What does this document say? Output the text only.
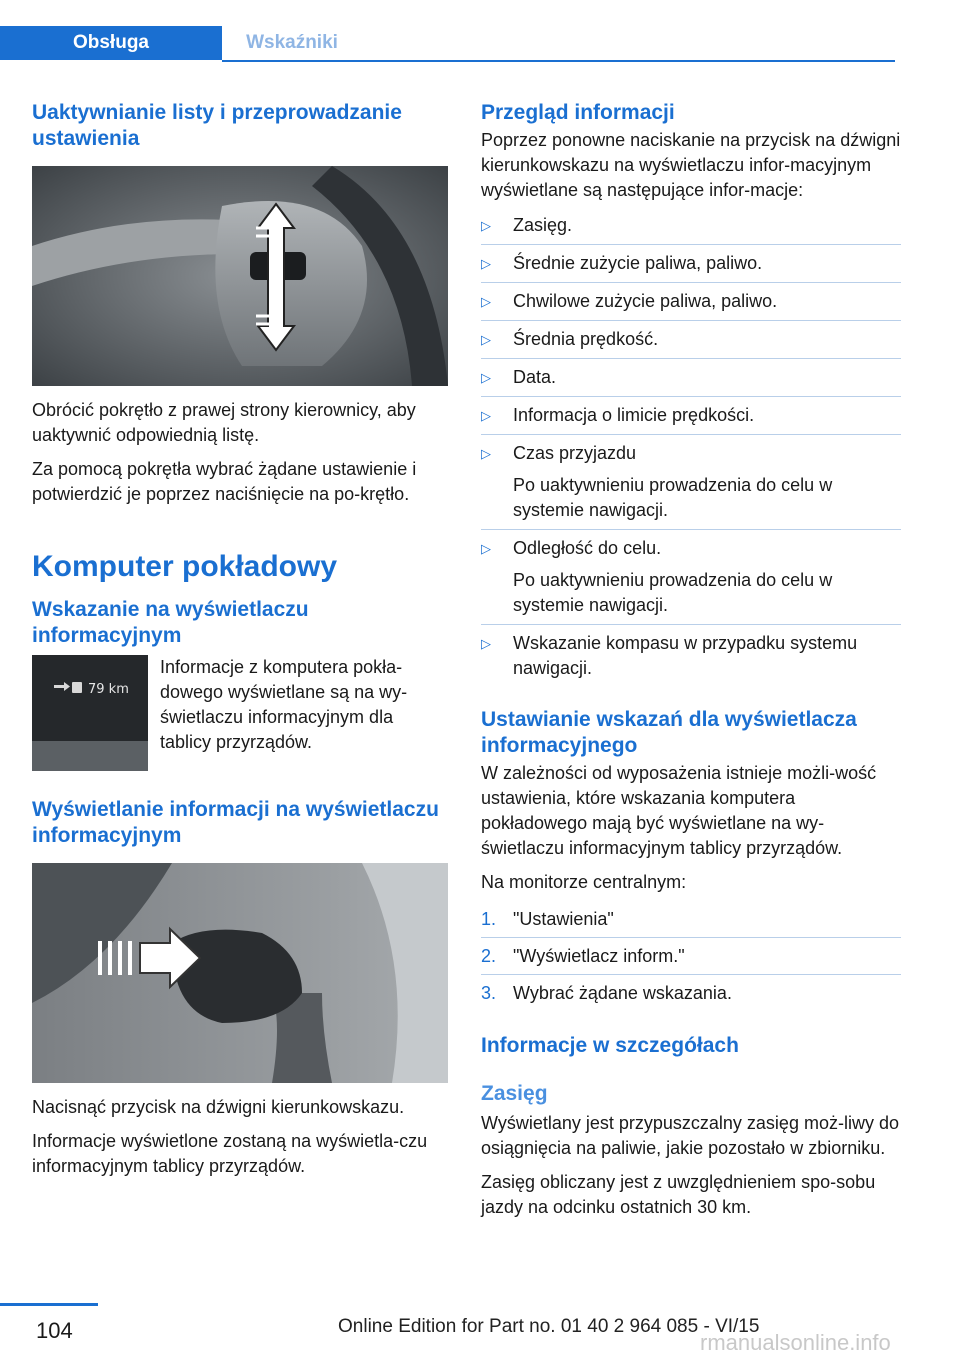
Obsługa	Wskaźniki
Uaktywnianie listy i przeprowadzanie ustawienia

Obrócić pokrętło z prawej strony kierownicy, aby uaktywnić odpowiednią listę.

Za pomocą pokrętła wybrać żądane ustawienie i potwierdzić je poprzez naciśnięcie na po-krętło.

Komputer pokładowy
Wskazanie na wyświetlaczu informacyjnym
79 km

Informacje z komputera pokła-dowego wyświetlane są na wy-świetlaczu informacyjnym dla tablicy przyrządów.

Wyświetlanie informacji na wyświetlaczu informacyjnym

Nacisnąć przycisk na dźwigni kierunkowskazu.

Informacje wyświetlone zostaną na wyświetla-czu informacyjnym tablicy przyrządów.

Przegląd informacji

Poprzez ponowne naciskanie na przycisk na dźwigni kierunkowskazu na wyświetlaczu infor-macyjnym wyświetlane są następujące infor-macje:

▷ Zasięg.
▷ Średnie zużycie paliwa, paliwo.
▷ Chwilowe zużycie paliwa, paliwo.
▷ Średnia prędkość.
▷ Data.
▷ Informacja o limicie prędkości.
▷ Czas przyjazdu
Po uaktywnieniu prowadzenia do celu w systemie nawigacji.
▷ Odległość do celu.
Po uaktywnieniu prowadzenia do celu w systemie nawigacji.
▷ Wskazanie kompasu w przypadku systemu nawigacji.
Ustawianie wskazań dla wyświetlacza informacyjnego

W zależności od wyposażenia istnieje możli-wość ustawienia, które wskazania komputera pokładowego mają być wyświetlane na wy-świetlaczu informacyjnym tablicy przyrządów.

Na monitorze centralnym:

1. "Ustawienia"
2. "Wyświetlacz inform."
3. Wybrać żądane wskazania.
Informacje w szczegółach
Zasięg

Wyświetlany jest przypuszczalny zasięg moż-liwy do osiągnięcia na paliwie, jakie pozostało w zbiorniku.

Zasięg obliczany jest z uwzględnieniem spo-sobu jazdy na odcinku ostatnich 30 km.

104	Online Edition for Part no. 01 40 2 964 085 - VI/15
rmanualsonline.info
